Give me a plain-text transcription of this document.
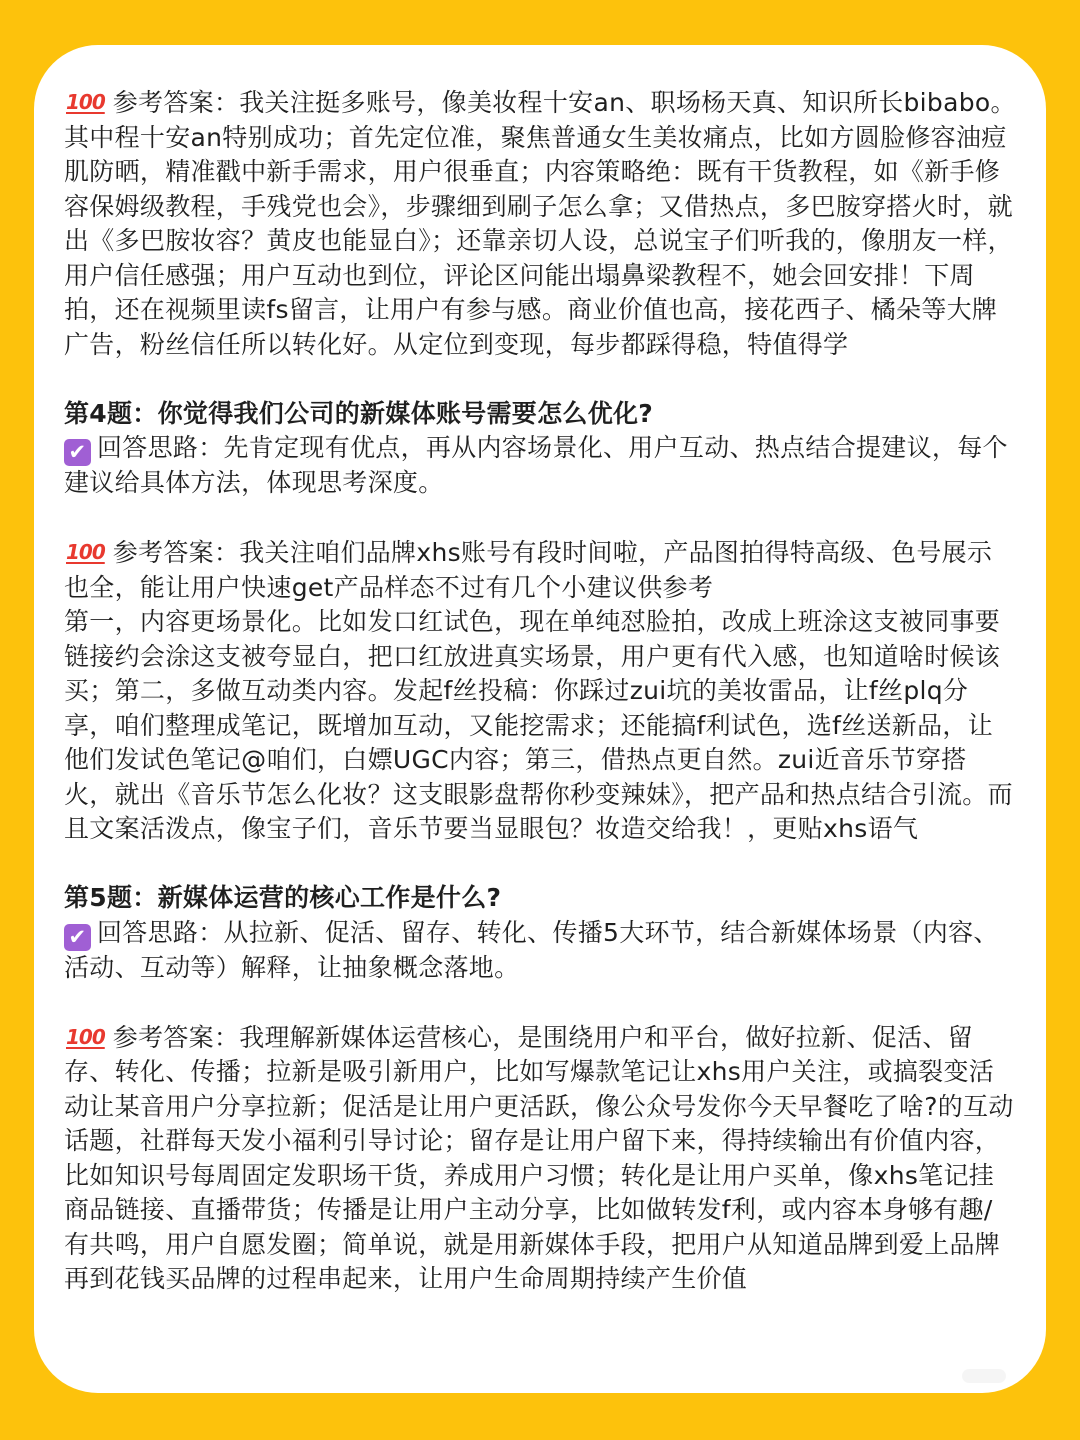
100 参考答案：我关注挺多账号，像美妆程十安an、职场杨天真、知识所长bibabo。其中程十安an特别成功；首先定位准，聚焦普通女生美妆痛点，比如方圆脸修容油痘肌防晒，精准戳中新手需求，用户很垂直；内容策略绝：既有干货教程，如《新手修容保姆级教程，手残党也会》，步骤细到刷子怎么拿；又借热点，多巴胺穿搭火时，就出《多巴胺妆容？黄皮也能显白》；还靠亲切人设，总说宝子们听我的，像朋友一样，用户信任感强；用户互动也到位，评论区问能出塌鼻梁教程不，她会回安排！下周拍，还在视频里读fs留言，让用户有参与感。商业价值也高，接花西子、橘朵等大牌广告，粉丝信任所以转化好。从定位到变现，每步都踩得稳，特值得学

第4题：你觉得我们公司的新媒体账号需要怎么优化?

✔ 回答思路：先肯定现有优点，再从内容场景化、用户互动、热点结合提建议，每个建议给具体方法，体现思考深度。

100 参考答案：我关注咱们品牌xhs账号有段时间啦，产品图拍得特高级、色号展示也全，能让用户快速get产品样态不过有几个小建议供参考

第一，内容更场景化。比如发口红试色，现在单纯怼脸拍，改成上班涂这支被同事要链接约会涂这支被夸显白，把口红放进真实场景，用户更有代入感，也知道啥时候该买；第二，多做互动类内容。发起f丝投稿：你踩过zui坑的美妆雷品，让f丝plq分享，咱们整理成笔记，既增加互动，又能挖需求；还能搞f利试色，选f丝送新品，让他们发试色笔记@咱们，白嫖UGC内容；第三，借热点更自然。zui近音乐节穿搭火，就出《音乐节怎么化妆？这支眼影盘帮你秒变辣妹》，把产品和热点结合引流。而且文案活泼点，像宝子们，音乐节要当显眼包？妆造交给我！，更贴xhs语气

第5题：新媒体运营的核心工作是什么?

✔ 回答思路：从拉新、促活、留存、转化、传播5大环节，结合新媒体场景（内容、活动、互动等）解释，让抽象概念落地。

100 参考答案：我理解新媒体运营核心，是围绕用户和平台，做好拉新、促活、留存、转化、传播；拉新是吸引新用户，比如写爆款笔记让xhs用户关注，或搞裂变活动让某音用户分享拉新；促活是让用户更活跃，像公众号发你今天早餐吃了啥?的互动话题，社群每天发小福利引导讨论；留存是让用户留下来，得持续输出有价值内容，比如知识号每周固定发职场干货，养成用户习惯；转化是让用户买单，像xhs笔记挂商品链接、直播带货；传播是让用户主动分享，比如做转发f利，或内容本身够有趣/有共鸣，用户自愿发圈；简单说，就是用新媒体手段，把用户从知道品牌到爱上品牌再到花钱买品牌的过程串起来，让用户生命周期持续产生价值
